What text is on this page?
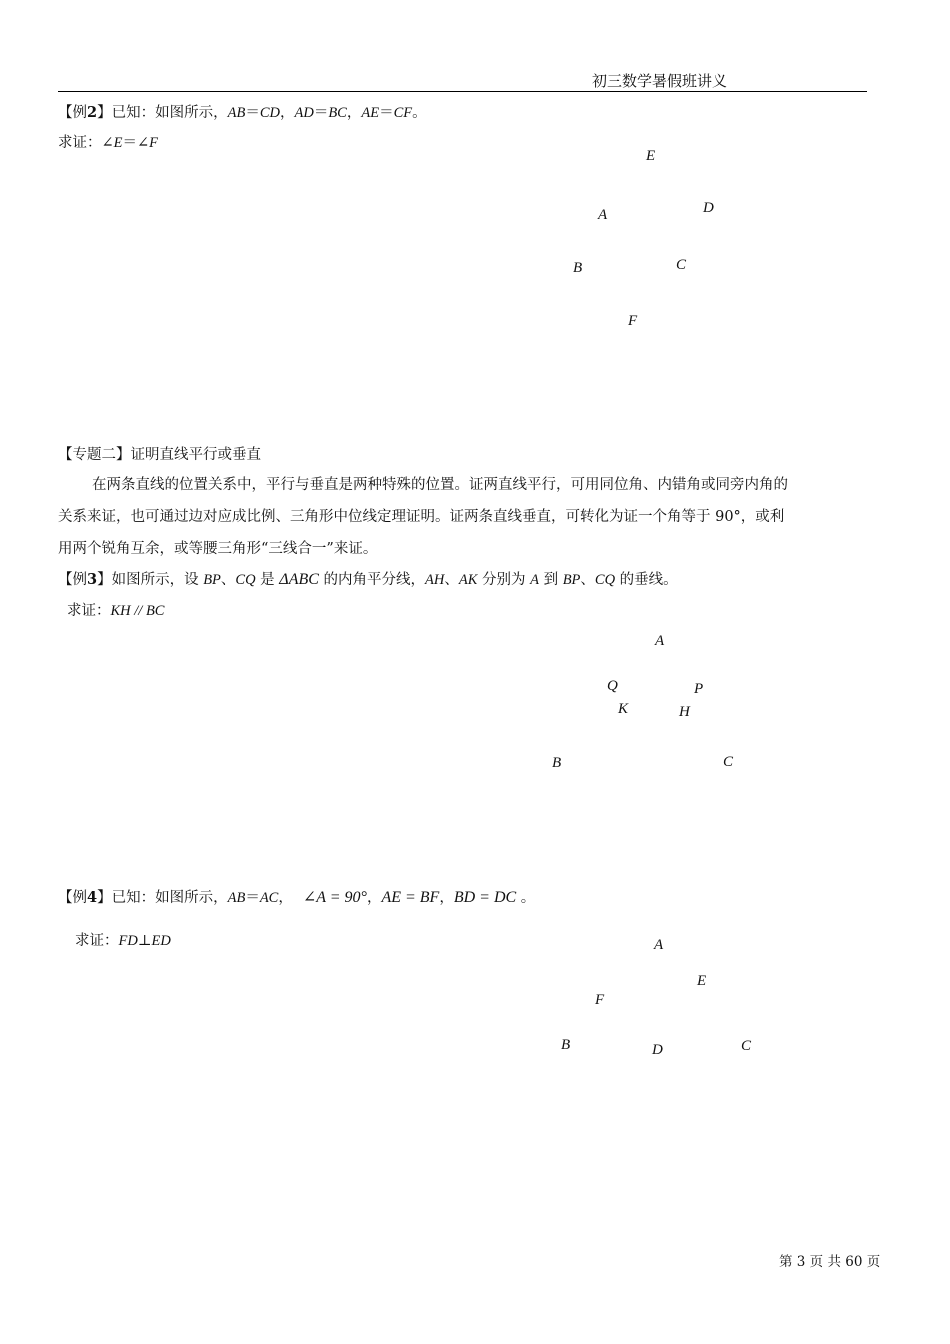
初三数学暑假班讲义
【例2】已知：如图所示，AB＝CD，AD＝BC，AE＝CF。
求证：∠E＝∠F
E
A	D
B	C
F
【专题二】证明直线平行或垂直
在两条直线的位置关系中，平行与垂直是两种特殊的位置。证两直线平行，可用同位角、内错角或同旁内角的
关系来证，也可通过边对应成比例、三角形中位线定理证明。证两条直线垂直，可转化为证一个角等于 90°，或利
用两个锐角互余，或等腰三角形“三线合一”来证。
【例3】如图所示，设 BP、CQ 是 ΔABC 的内角平分线，AH、AK 分别为 A 到 BP、CQ 的垂线。
求证：KH // BC
A
Q	P
K	H
B	C
【例4】已知：如图所示，AB＝AC， ∠A = 90°，AE = BF，BD = DC 。
求证：FD⊥ED	A
E
F
B	D	C
第 3 页 共 60 页
